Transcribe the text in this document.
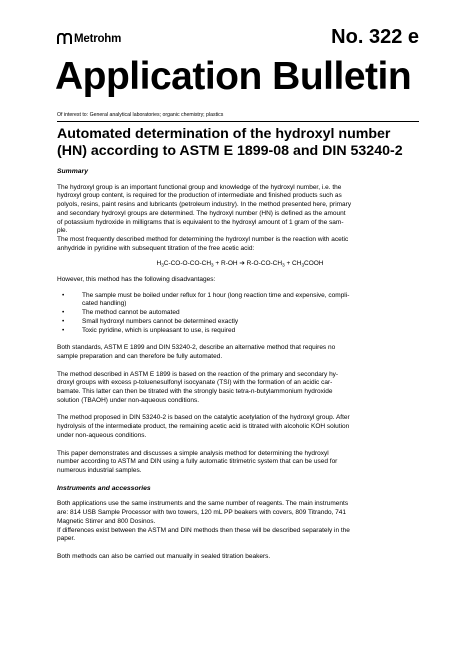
Metrohm	No. 322 e
Application Bulletin
Of interest to: General analytical laboratories; organic chemistry; plastics
Automated determination of the hydroxyl number
(HN) according to ASTM E 1899-08 and DIN 53240-2
Summary

The hydroxyl group is an important functional group and knowledge of the hydroxyl number, i.e. the
hydroxyl group content, is required for the production of intermediate and finished products such as
polyols, resins, paint resins and lubricants (petroleum industry). In the method presented here, primary
and secondary hydroxyl groups are determined. The hydroxyl number (HN) is defined as the amount
of potassium hydroxide in milligrams that is equivalent to the hydroxyl amount of 1 gram of the sam-
ple.
The most frequently described method for determining the hydroxyl number is the reaction with acetic
anhydride in pyridine with subsequent titration of the free acetic acid:

$H_3C-CO-O-CO-CH_3 + R-OH$ ➔ $R-O-CO-CH_3$ + $CH_3COOH$

However, this method has the following disadvantages:

• The sample must be boiled under reflux for 1 hour (long reaction time and expensive, compli-
cated handling)
• The method cannot be automated
• Small hydroxyl numbers cannot be determined exactly
• Toxic pyridine, which is unpleasant to use, is required

Both standards, ASTM E 1899 and DIN 53240-2, describe an alternative method that requires no
sample preparation and can therefore be fully automated.

The method described in ASTM E 1899 is based on the reaction of the primary and secondary hy-
droxyl groups with excess p-toluenesulfonyl isocyanate (TSI) with the formation of an acidic car-
bamate. This latter can then be titrated with the strongly basic tetra-n-butylammonium hydroxide
solution (TBAOH) under non-aqueous conditions.

The method proposed in DIN 53240-2 is based on the catalytic acetylation of the hydroxyl group. After
hydrolysis of the intermediate product, the remaining acetic acid is titrated with alcoholic KOH solution
under non-aqueous conditions.

This paper demonstrates and discusses a simple analysis method for determining the hydroxyl
number according to ASTM and DIN using a fully automatic titrimetric system that can be used for
numerous industrial samples.

Instruments and accessories

Both applications use the same instruments and the same number of reagents. The main instruments
are: 814 USB Sample Processor with two towers, 120 mL PP beakers with covers, 809 Titrando, 741
Magnetic Stirrer and 800 Dosinos.
If differences exist between the ASTM and DIN methods then these will be described separately in the
paper.

Both methods can also be carried out manually in sealed titration beakers.
